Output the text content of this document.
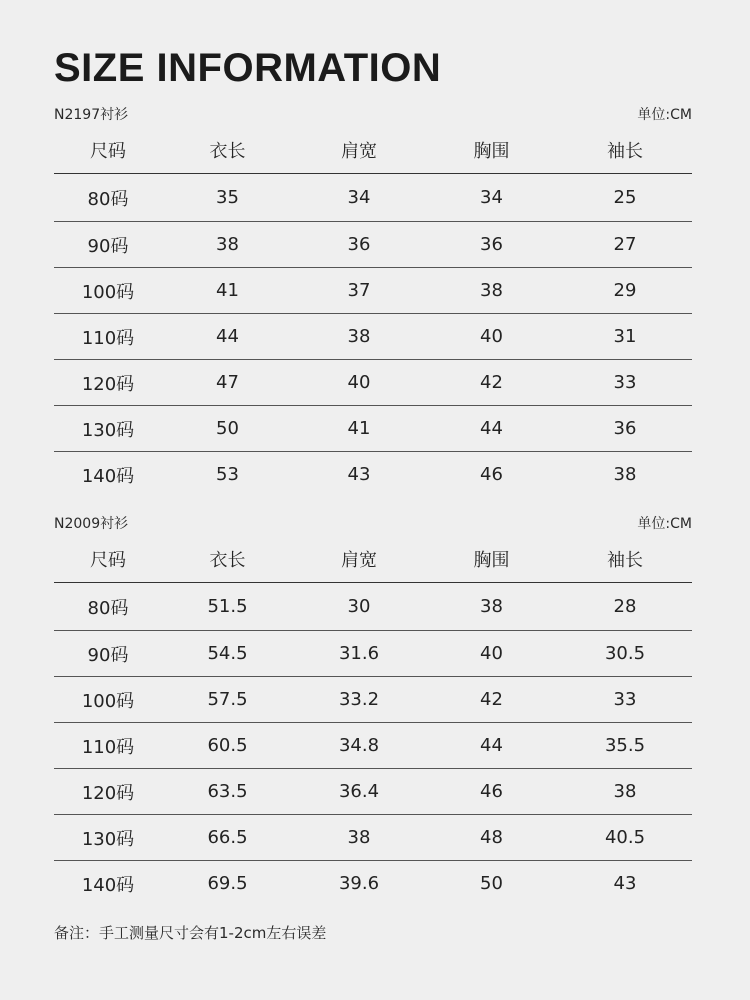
SIZE INFORMATION
N2197衬衫	单位:CM
尺码	衣长	肩宽	胸围	袖长
80码	35	34	34	25
90码	38	36	36	27
100码	41	37	38	29
110码	44	38	40	31
120码	47	40	42	33
130码	50	41	44	36
140码	53	43	46	38
N2009衬衫	单位:CM
尺码	衣长	肩宽	胸围	袖长
80码	51.5	30	38	28
90码	54.5	31.6	40	30.5
100码	57.5	33.2	42	33
110码	60.5	34.8	44	35.5
120码	63.5	36.4	46	38
130码	66.5	38	48	40.5
140码	69.5	39.6	50	43
备注：手工测量尺寸会有1-2cm左右误差
